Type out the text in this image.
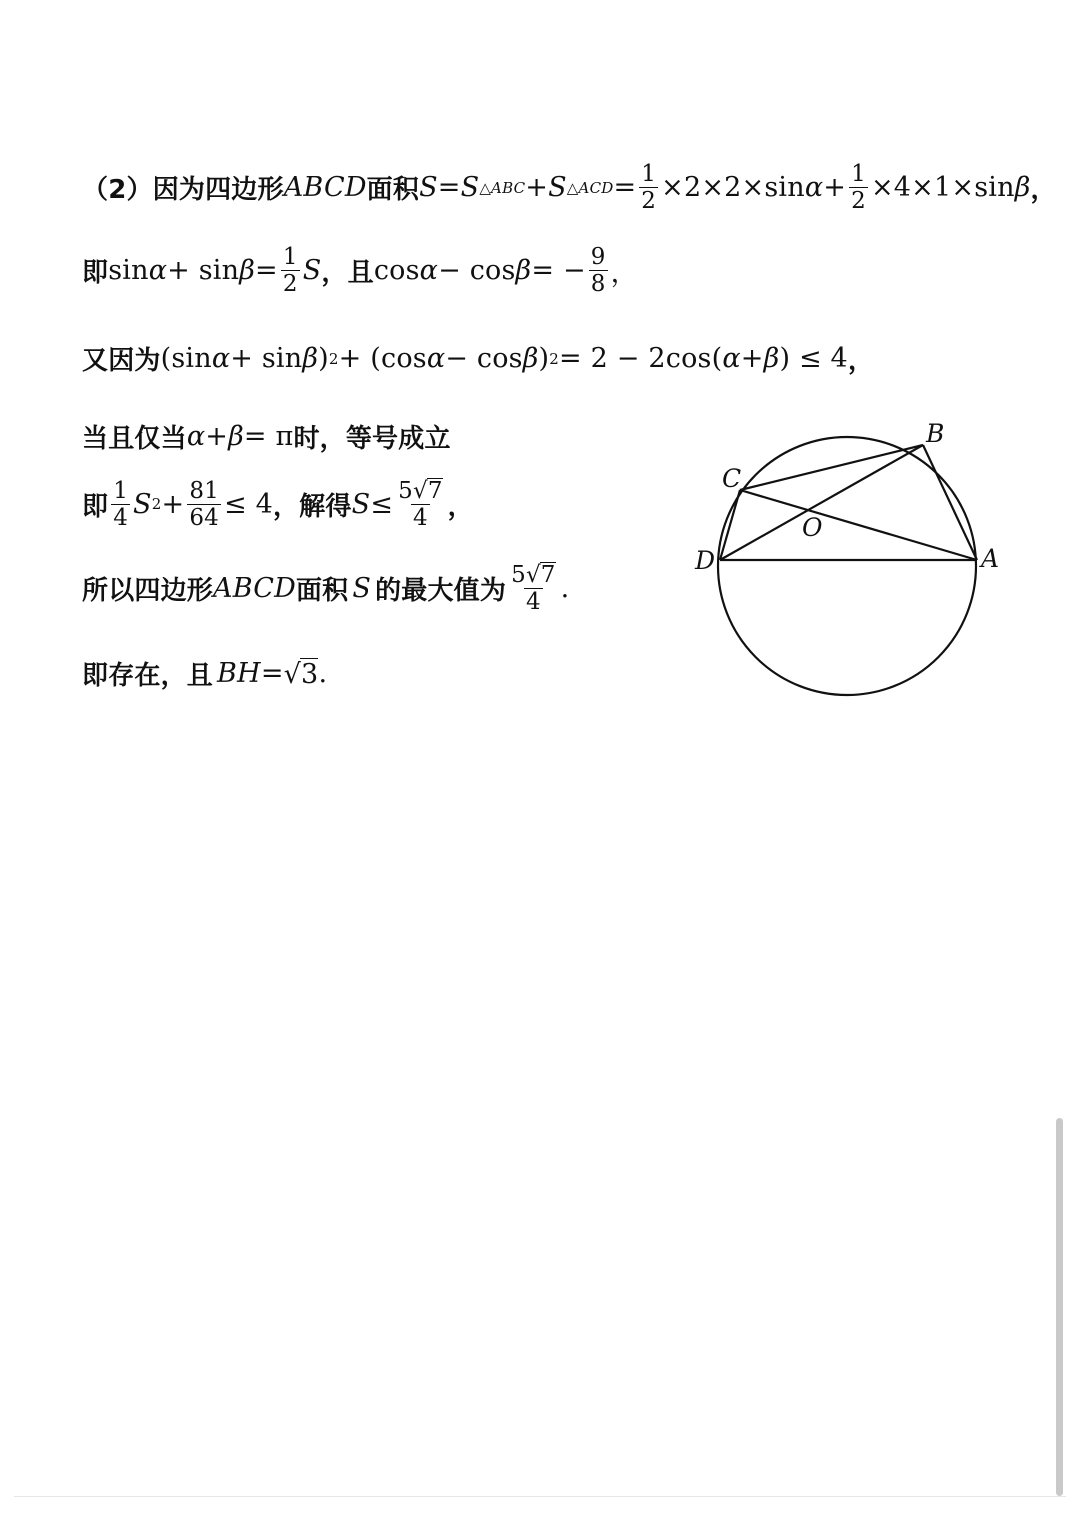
（2） 因为四边形 ABCD 面积 S = S △ABC + S △ACD = $\frac{1}{2} \times 2\times 2\times\sin$ $\alpha + \frac{1}{2} \times 4\times 1\times\sin$ β ，
即 $\sin \alpha + \sin \beta = \frac{1}{2}$ S ， 且 cos α − cos β = − $\frac{9}{8}$ ，
又因为 (sin α + sin β ) 2 + (cos α − cos β ) 2 = 2 − 2cos( α + β ) ≤ 4 ，
当且仅当 α + β = π 时，等号成立
即 $\frac{1}{4}$ S $2 + \frac{81}{64} \le 4$ ，解得 $S \le \frac{5√7}{4}$ ，
所以四边形 ABCD 面积 S 的最大值为 $\frac{5√7}{4}$ .
即存在，且 BH = √3 .
B
C
O
D	A
